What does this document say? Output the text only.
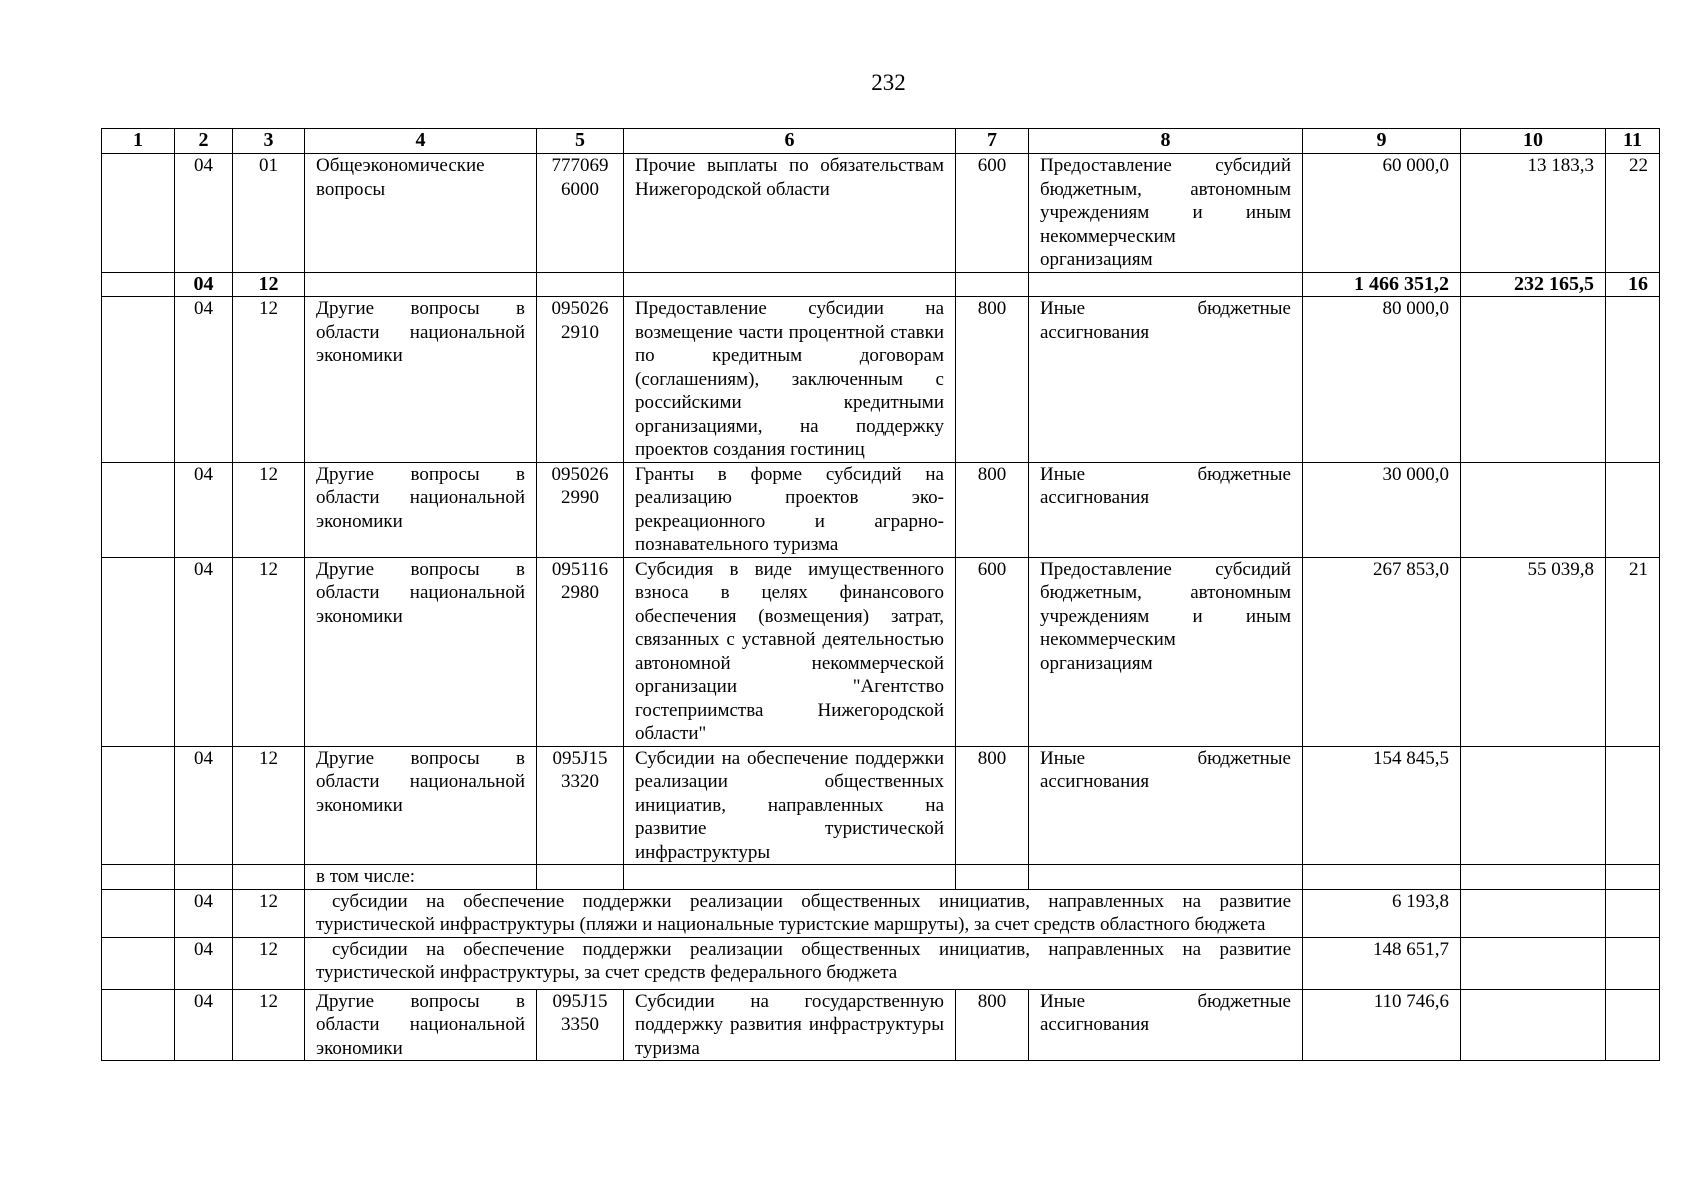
232
1	2	3	4	5	6	7	8	9	10	11
	04	01	Общеэкономические вопросы	777069 6000	Прочие выплаты по обязательствам Нижегородской области	600	Предоставление субсидий бюджетным, автономным учреждениям и иным некоммерческим организациям	60 000,0	13 183,3	22
	04	12						1 466 351,2	232 165,5	16
	04	12	Другие вопросы в области национальной экономики	095026 2910	Предоставление субсидии на возмещение части процентной ставки по кредитным договорам (соглашениям), заключенным с российскими кредитными организациями, на поддержку проектов создания гостиниц	800	Иные бюджетные ассигнования	80 000,0		
	04	12	Другие вопросы в области национальной экономики	095026 2990	Гранты в форме субсидий на реализацию проектов эко-рекреационного и аграрно-познавательного туризма	800	Иные бюджетные ассигнования	30 000,0		
	04	12	Другие вопросы в области национальной экономики	095116 2980	Субсидия в виде имущественного взноса в целях финансового обеспечения (возмещения) затрат, связанных с уставной деятельностью автономной некоммерческой организации "Агентство гостеприимства Нижегородской области"	600	Предоставление субсидий бюджетным, автономным учреждениям и иным некоммерческим организациям	267 853,0	55 039,8	21
	04	12	Другие вопросы в области национальной экономики	095J15 3320	Субсидии на обеспечение поддержки реализации общественных инициатив, направленных на развитие туристической инфраструктуры	800	Иные бюджетные ассигнования	154 845,5		
			в том числе:							
	04	12	субсидии на обеспечение поддержки реализации общественных инициатив, направленных на развитие туристической инфраструктуры (пляжи и национальные туристские маршруты), за счет средств областного бюджета					6 193,8		
	04	12	субсидии на обеспечение поддержки реализации общественных инициатив, направленных на развитие туристической инфраструктуры, за счет средств федерального бюджета					148 651,7		
	04	12	Другие вопросы в области национальной экономики	095J15 3350	Субсидии на государственную поддержку развития инфраструктуры туризма	800	Иные бюджетные ассигнования	110 746,6		
